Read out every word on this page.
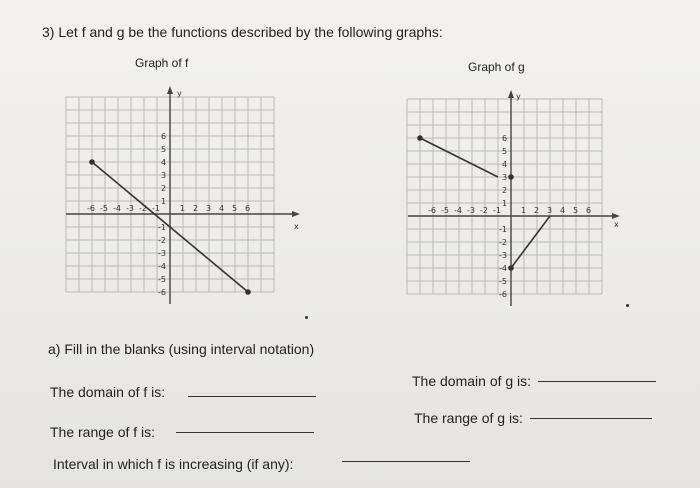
3) Let f and g be the functions described by the following graphs:
Graph of f	Graph of g
x
y
1
1
2
2
3
3
4
4
5
5
6
6
-1
-1
-2
-2
-3
-3
-4
-4
-5
-5
-6
-6
x
y
1
1
2
2
3
3
4
4
5
5
6
6
-1
-1
-2
-2
-3
-3
-4
-4
-5
-5
-6
-6
a) Fill in the blanks (using interval notation)
The domain of f is:
The range of f is:
Interval in which f is increasing (if any):
The domain of g is:
The range of g is:
